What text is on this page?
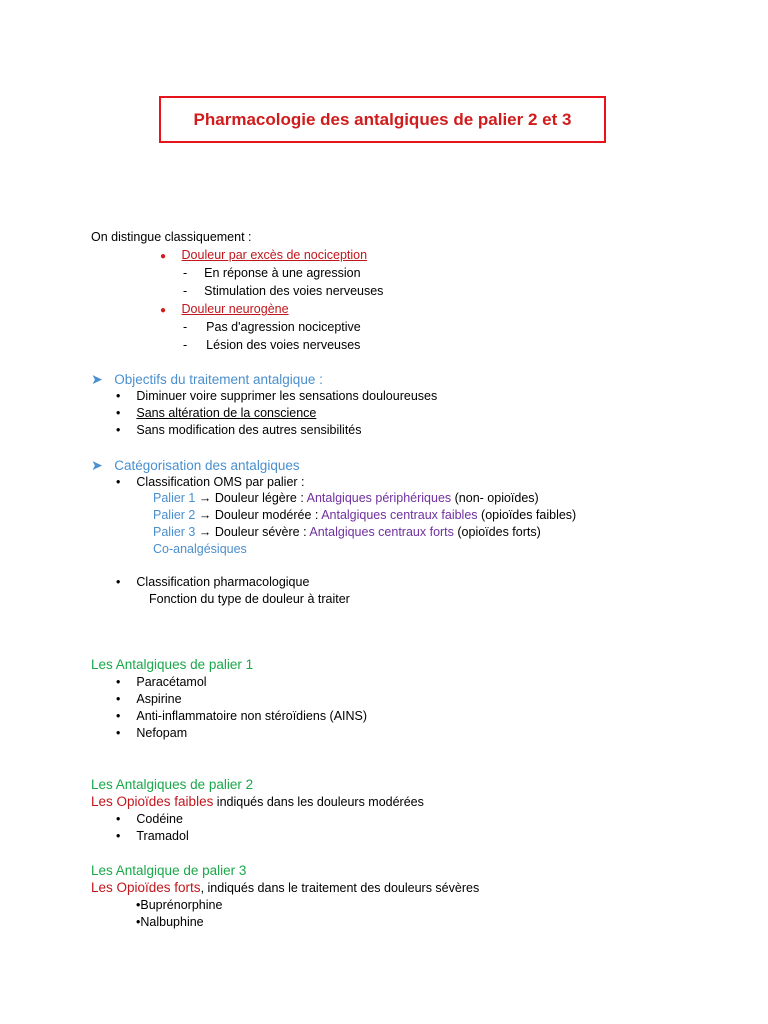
Pharmacologie des antalgiques de palier 2 et 3
On distingue classiquement :
● Douleur par excès de nociception
- En réponse à une agression
- Stimulation des voies nerveuses
● Douleur neurogène
- Pas d'agression nociceptive
- Lésion des voies nerveuses
➤ Objectifs du traitement antalgique :
• Diminuer voire supprimer les sensations douloureuses
• Sans altération de la conscience
• Sans modification des autres sensibilités
➤ Catégorisation des antalgiques
• Classification OMS par palier :
Palier 1 → Douleur légère : Antalgiques périphériques (non- opioïdes)
Palier 2 → Douleur modérée : Antalgiques centraux faibles (opioïdes faibles)
Palier 3 → Douleur sévère : Antalgiques centraux forts (opioïdes forts)
Co-analgésiques
• Classification pharmacologique
Fonction du type de douleur à traiter
Les Antalgiques de palier 1
• Paracétamol
• Aspirine
• Anti-inflammatoire non stéroïdiens (AINS)
• Nefopam
Les Antalgiques de palier 2
Les Opioïdes faibles indiqués dans les douleurs modérées
• Codéine
• Tramadol
Les Antalgique de palier 3
Les Opioïdes forts, indiqués dans le traitement des douleurs sévères
•Buprénorphine
•Nalbuphine
